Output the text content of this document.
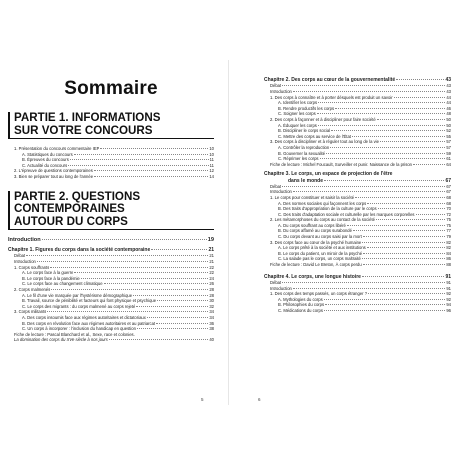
Sommaire
PARTIE 1. INFORMATIONS
SUR VOTRE CONCOURS
1. Présentation du concours commentaire IEP	10
A. Statistiques du concours	10
B. Épreuves du concours	11
C. Actualité du concours	11
2. L'épreuve de questions contemporaines	12
3. Bien se préparer tout au long de l'année	14
PARTIE 2. QUESTIONS CONTEMPORAINES
AUTOUR DU CORPS
Introduction	19
Chapitre 1. Figures du corps dans la société contemporaine	21
Débat	21
Introduction	21
1. Corps souffrants	22
A. Le corps face à la guerre	22
B. Le corps face à la pandémie	24
C. Le corps face au changement climatique	26
2. Corps malmenés	28
A. Le fil d'une vie marquée par l'hystérisme démographique	28
B. Travail, source de pénibilité et facteurs qui font physique et psychique	30
C. Le corps des migrants : du corps malmené au corps rejeté	32
3. Corps militants	34
A. Des corps insoumis face aux régimes autoritaires et dictatoriaux	34
B. Des corps en révolution face aux régimes autoritaires et au patriarcat	36
C. Un corps à incorporer : l'inclusion du handicap en question	38
Fiche de lecture : Pascal Blanchard et al., Sexe, race et colonies.
La domination des corps du XVe siècle à nos jours	40
Chapitre 2. Des corps au cœur de la gouvernementalité	43
Débat	43
Introduction	43
1. Des corps à connaître et à porter désquels est produit un savoir	44
A. Identifier les corps	44
B. Rendre productifs les corps	46
C. Soigner les corps	48
2. Des corps à façonner et à discipliner pour faire société	50
A. Éduquer les corps	50
B. Discipliner le corps social	52
C. Mettre des corps au service de l'État	55
3. Des corps à discipliner et à réguler tout au long de la vie	57
A. Contrôler la reproduction	57
B. Gouverner la sexualité	59
C. Réprimer les corps	61
Fiche de lecture : Michel Foucault, Surveiller et punir. Naissance de la prison	64
Chapitre 3. Le corps, un espace de projection de l'être
dans le monde	67
Débat	67
Introduction	67
1. Le corps pour constituer et saisir la société	68
A. Des normes sociales qui façonnent les corps	68
B. Des traits d'appropriation de la culture par le corps	70
C. Des traits d'adaptation sociale et culturelle par les marques corporelles	72
2. Les métamorphoses du corps au contact de la société	75
A. Du corps souffrant au corps libéré	75
B. Du corps affamé au corps surabondé	77
C. Du corps devant au corps saisi par la mort	79
3. Des corps face au cœur de la psyché humaine	82
A. Le corps prêté à la société et aux institutions	82
B. Le corps du patient, un miroir de la psyché	84
C. La salade pas le corps, un corps maltraité	86
Fiche de lecture : David Le Breton, À corps perdu	88
Chapitre 4. Le corps, une longue histoire	91
Débat	91
Introduction	91
1. Des corps des temps passés, un corps étranger ?	92
A. Mythologies du corps	92
B. Philosophies du corps	94
C. Médications du corps	96
5	6
